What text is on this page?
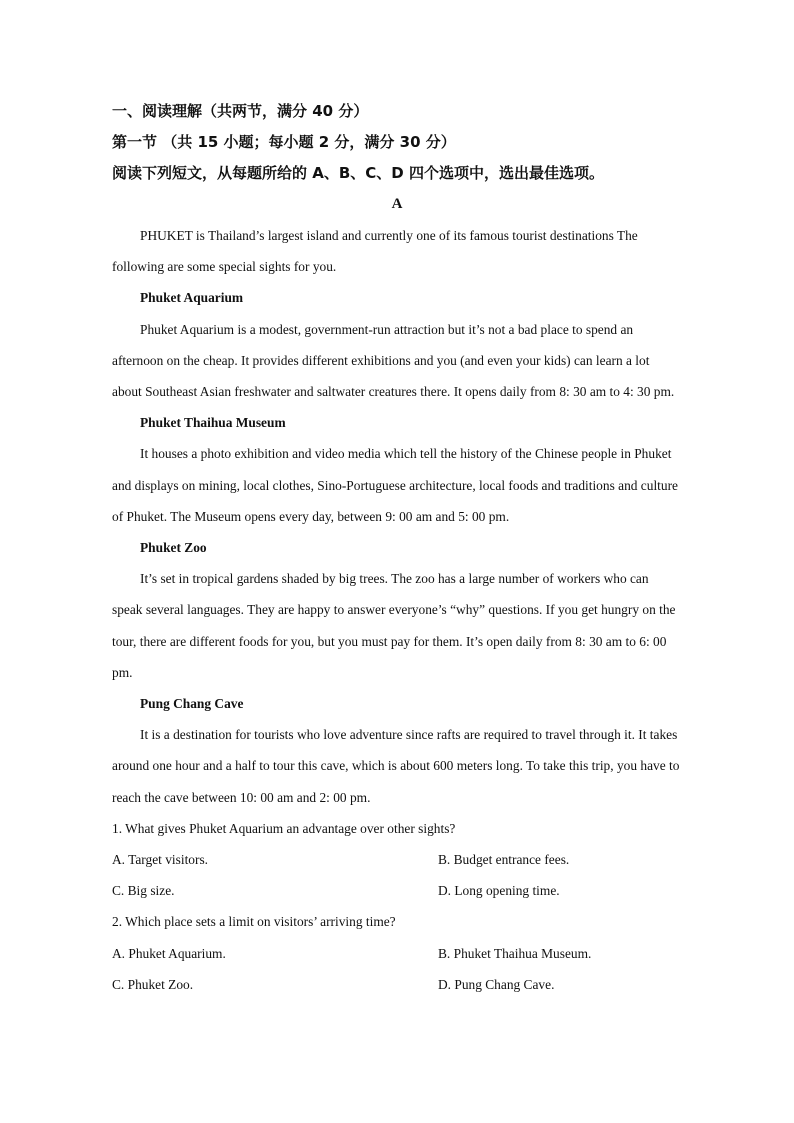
一、阅读理解（共两节，满分 40 分）
第一节 （共 15 小题；每小题 2 分，满分 30 分）
阅读下列短文，从每题所给的 A、B、C、D 四个选项中，选出最佳选项。
A

PHUKET is Thailand’s largest island and currently one of its famous tourist destinations The following are some special sights for you.

Phuket Aquarium

Phuket Aquarium is a modest, government-run attraction but it’s not a bad place to spend an afternoon on the cheap. It provides different exhibitions and you (and even your kids) can learn a lot about Southeast Asian freshwater and saltwater creatures there. It opens daily from 8: 30 am to 4: 30 pm.

Phuket Thaihua Museum

It houses a photo exhibition and video media which tell the history of the Chinese people in Phuket and displays on mining, local clothes, Sino-Portuguese architecture, local foods and traditions and culture of Phuket. The Museum opens every day, between 9: 00 am and 5: 00 pm.

Phuket Zoo

It’s set in tropical gardens shaded by big trees. The zoo has a large number of workers who can speak several languages. They are happy to answer everyone’s “why” questions. If you get hungry on the tour, there are different foods for you, but you must pay for them. It’s open daily from 8: 30 am to 6: 00 pm.

Pung Chang Cave

It is a destination for tourists who love adventure since rafts are required to travel through it. It takes around one hour and a half to tour this cave, which is about 600 meters long. To take this trip, you have to reach the cave between 10: 00 am and 2: 00 pm.

1. What gives Phuket Aquarium an advantage over other sights?
A. Target visitors.	B. Budget entrance fees.
C. Big size.	D. Long opening time.
2. Which place sets a limit on visitors’ arriving time?
A. Phuket Aquarium.	B. Phuket Thaihua Museum.
C. Phuket Zoo.	D. Pung Chang Cave.
